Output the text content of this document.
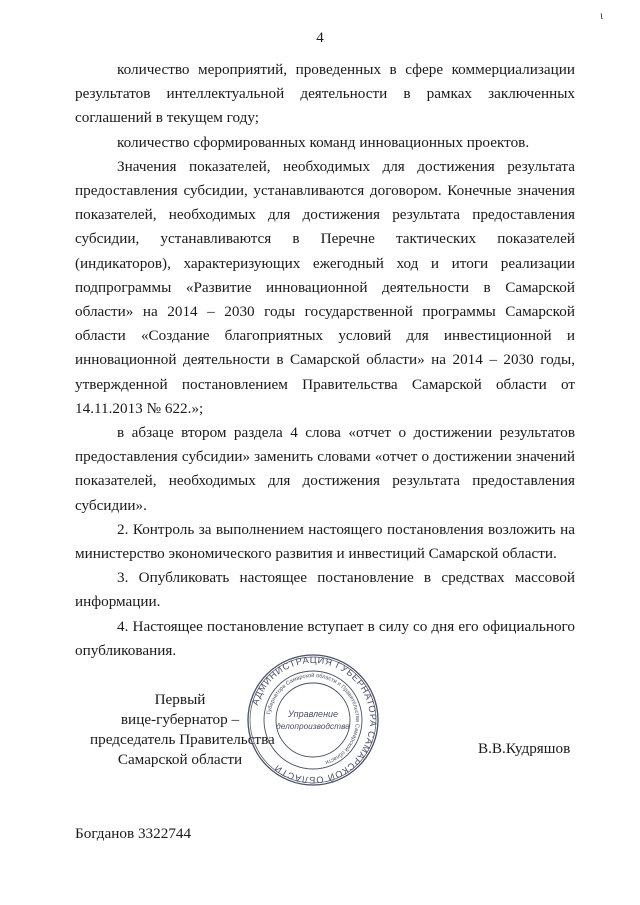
4
ι

количество мероприятий, проведенных в сфере коммерциализации результатов интеллектуальной деятельности в рамках заключенных соглашений в текущем году;

количество сформированных команд инновационных проектов.

Значения показателей, необходимых для достижения результата предоставления субсидии, устанавливаются договором. Конечные значения показателей, необходимых для достижения результата предоставления субсидии, устанавливаются в Перечне тактических показателей (индикаторов), характеризующих ежегодный ход и итоги реализации подпрограммы «Развитие инновационной деятельности в Самарской области» на 2014 – 2030 годы государственной программы Самарской области «Создание благоприятных условий для инвестиционной и инновационной деятельности в Самарской области» на 2014 – 2030 годы, утвержденной постановлением Правительства Самарской области от 14.11.2013 № 622.»;

в абзаце втором раздела 4 слова «отчет о достижении результатов предоставления субсидии» заменить словами «отчет о достижении значений показателей, необходимых для достижения результата предоставления субсидии».

2. Контроль за выполнением настоящего постановления возложить на министерство экономического развития и инвестиций Самарской области.

3. Опубликовать настоящее постановление в средствах массовой информации.

4. Настоящее постановление вступает в силу со дня его официального опубликования.

Первый
вице-губернатор –
председатель Правительства
Самарской области
АДМИНИСТРАЦИЯ ГУБЕРНАТОРА САМАРСКОЙ ОБЛАСТИ
Губернатора Самарской области и Правительства Самарской области
Управление
делопроизводства
В.В.Кудряшов
Богданов 3322744
